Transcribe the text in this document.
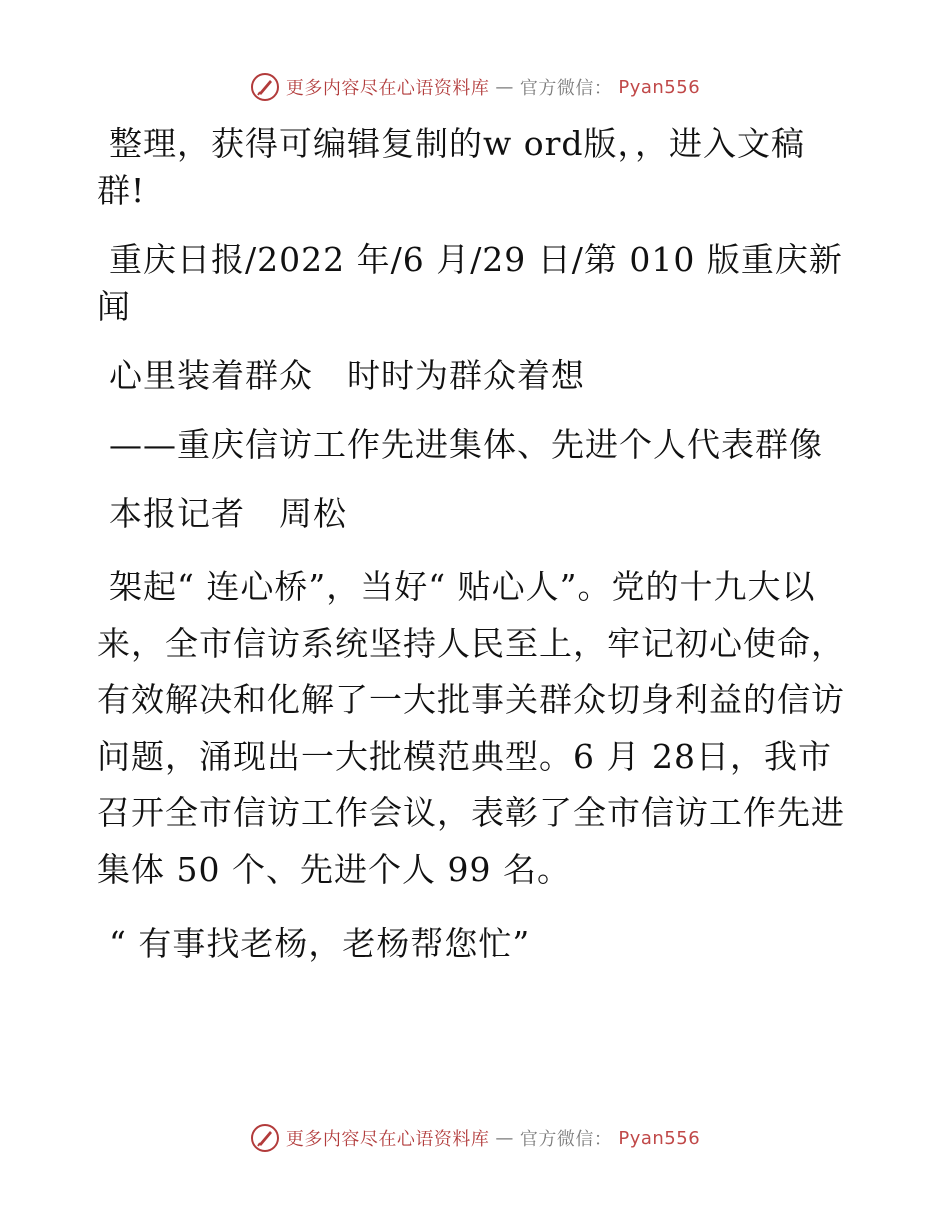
更多内容尽在心语资料库 — 官方微信： Pyan556

整理，获得可编辑复制的w ord版，，进入文稿群!

重庆日报/2022 年/6 月/29 日/第 010 版重庆新闻

心里装着群众　时时为群众着想

——重庆信访工作先进集体、先进个人代表群像

本报记者　周松

架起“ 连心桥”，当好“ 贴心人”。党的十九大以来，全市信访系统坚持人民至上，牢记初心使命，有效解决和化解了一大批事关群众切身利益的信访问题，涌现出一大批模范典型。6 月 28日，我市召开全市信访工作会议，表彰了全市信访工作先进集体 50 个、先进个人 99 名。

“ 有事找老杨，老杨帮您忙”

更多内容尽在心语资料库 — 官方微信： Pyan556
